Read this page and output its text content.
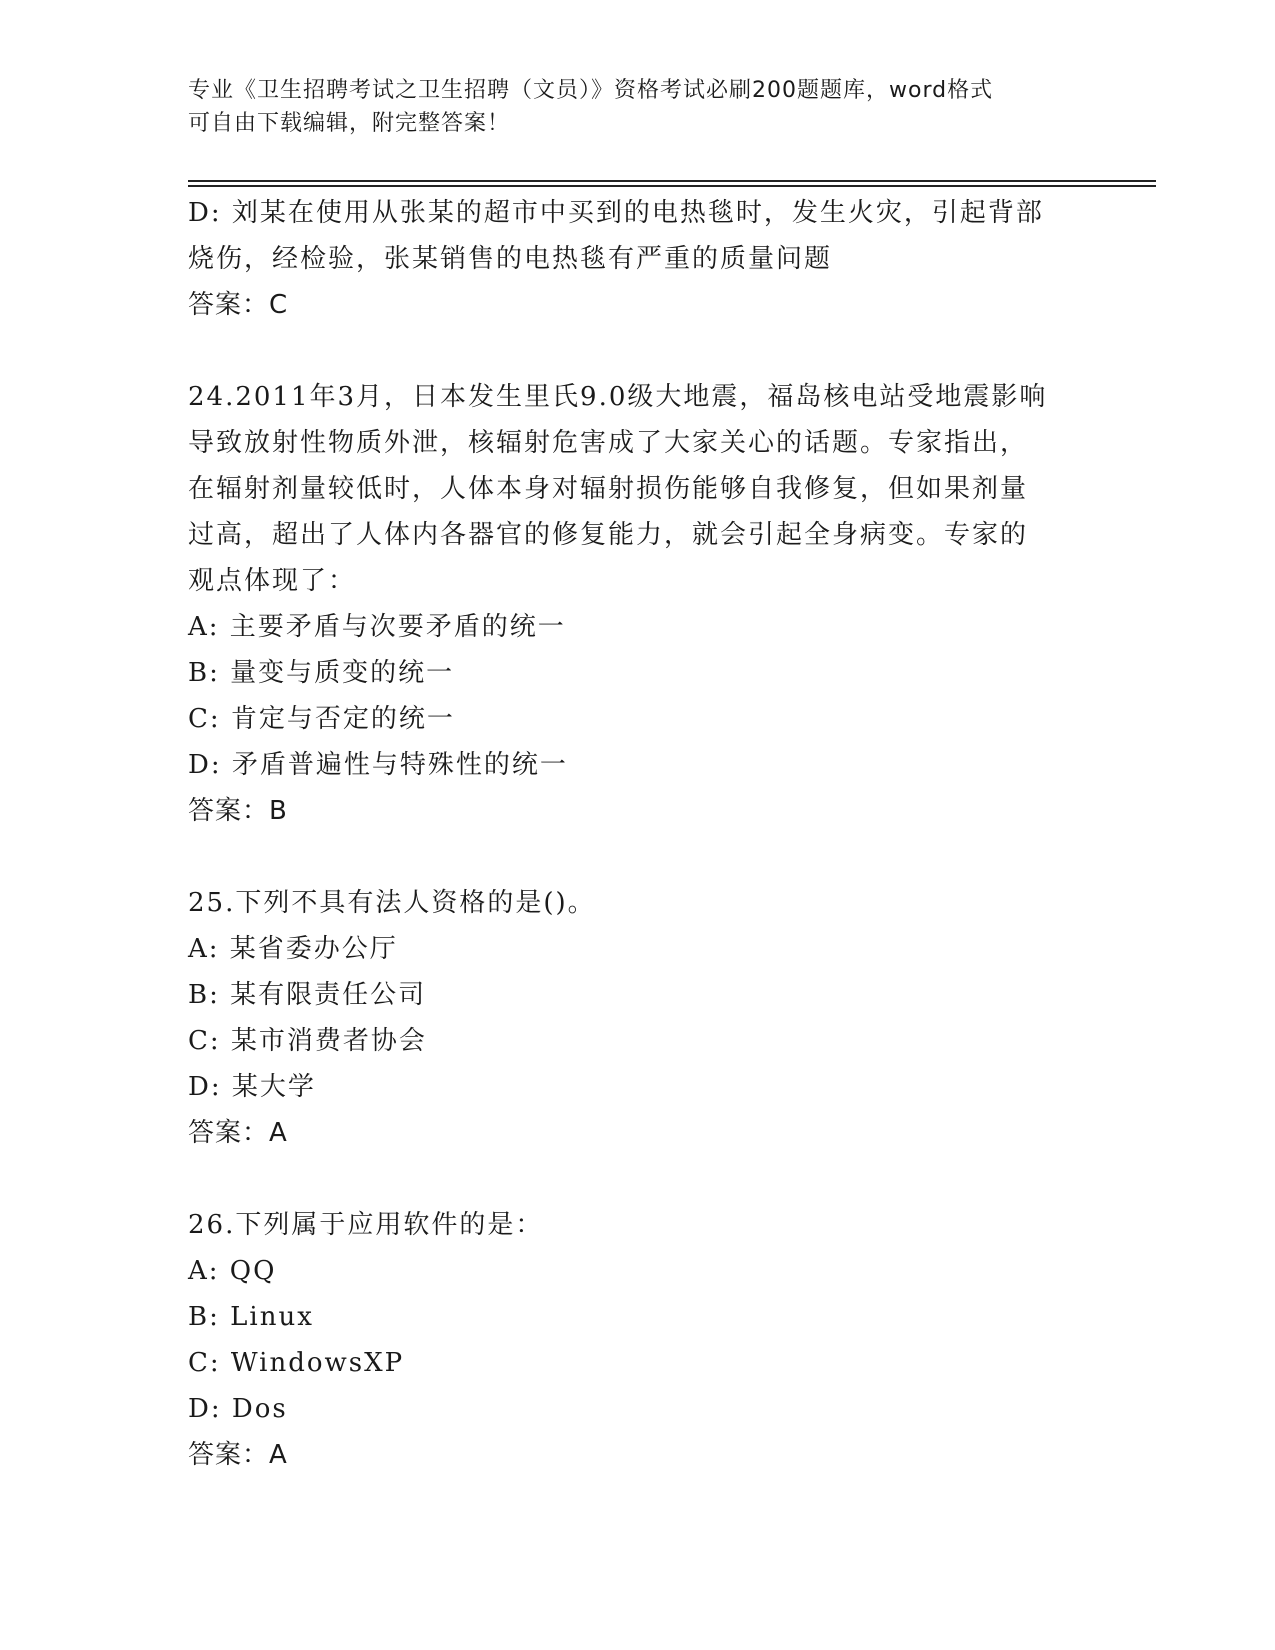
专业《卫生招聘考试之卫生招聘（文员）》资格考试必刷200题题库，word格式
可自由下载编辑，附完整答案！

D: 刘某在使用从张某的超市中买到的电热毯时，发生火灾，引起背部

烧伤，经检验，张某销售的电热毯有严重的质量问题

答案：C

24.2011年3月，日本发生里氏9.0级大地震，福岛核电站受地震影响

导致放射性物质外泄，核辐射危害成了大家关心的话题。专家指出，

在辐射剂量较低时，人体本身对辐射损伤能够自我修复，但如果剂量

过高，超出了人体内各器官的修复能力，就会引起全身病变。专家的

观点体现了：

A: 主要矛盾与次要矛盾的统一

B: 量变与质变的统一

C: 肯定与否定的统一

D: 矛盾普遍性与特殊性的统一

答案：B

25.下列不具有法人资格的是()。

A: 某省委办公厅

B: 某有限责任公司

C: 某市消费者协会

D: 某大学

答案：A

26.下列属于应用软件的是：

A: QQ

B: Linux

C: WindowsXP

D: Dos

答案：A
